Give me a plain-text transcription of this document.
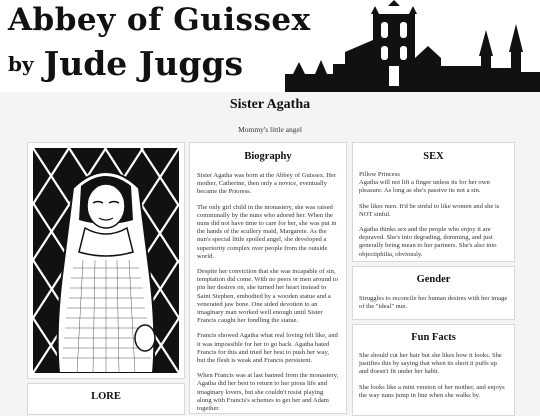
Abbey of Guissex
by Jude Juggs
Sister Agatha
Mommy's little angel
LORE
Biography

Sister Agatha was born at the Abbey of Guissex. Her mother, Catherine, then only a novice, eventually became the Prioress.

The only girl child in the monastery, she was raised communally by the nuns who adored her. When the nuns did not have time to care for her, she was put in the hands of the scullery maid, Margarete. As the nun's special little spoiled angel, she developed a superiority complex over people from the outside world.

Despite her conviction that she was incapable of sin, temptation did come. With no peers or men around to pin her desires on, she turned her heart instead to Saint Stephen, embodied by a wooden statue and a venerated jaw bone. One sided devotion to an imaginary man worked well enough until Sister Francis caught her fondling the statue.

Francis showed Agatha what real loving felt like, and it was impossible for her to go back. Agatha hated Francis for this and tried her best to push her way, but the flesh is weak and Francis persistent.

When Francis was at last banned from the monastery, Agatha did her best to return to her pious life and imaginary lovers, but she couldn't resist playing along with Francis's schemes to get her and Adam together.

SEX

Pillow Princess
Agatha will not lift a finger unless its for her own pleasure. As long as she's passive its not a sin.

She likes men. It'd be sinful to like women and she is NOT sinful.

Agatha thinks sex and the people who enjoy it are depraved. She's into degrading, domming, and just generally being mean to her partners. She's also into objectiphilia, obviously.

Gender

Struggles to reconcile her human desires with her image of the "ideal" nun.

Fun Facts

She should cut her hair but she likes how it looks. She justifies this by saying that when its short it puffs up and doesn't fit under her habit.

She looks like a mini version of her mother, and enjoys the way nuns jump in line when she walks by.
